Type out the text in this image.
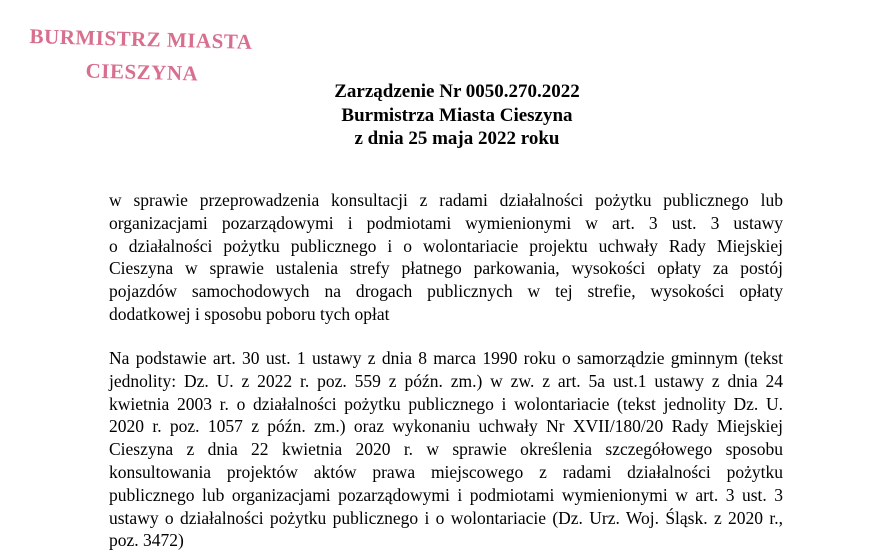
BURMISTRZ MIASTA
CIESZYNA
Zarządzenie Nr 0050.270.2022
Burmistrza Miasta Cieszyna
z dnia 25 maja 2022 roku
w sprawie przeprowadzenia konsultacji z radami działalności pożytku publicznego lub
organizacjami pozarządowymi i podmiotami wymienionymi w art. 3 ust. 3 ustawy
o działalności pożytku publicznego i o wolontariacie projektu uchwały Rady Miejskiej
Cieszyna w sprawie ustalenia strefy płatnego parkowania, wysokości opłaty za postój
pojazdów samochodowych na drogach publicznych w tej strefie, wysokości opłaty
dodatkowej i sposobu poboru tych opłat
Na podstawie art. 30 ust. 1 ustawy z dnia 8 marca 1990 roku o samorządzie gminnym (tekst
jednolity: Dz. U. z 2022 r. poz. 559 z późn. zm.) w zw. z art. 5a ust.1 ustawy z dnia 24
kwietnia 2003 r. o działalności pożytku publicznego i wolontariacie (tekst jednolity Dz. U.
2020 r. poz. 1057 z późn. zm.) oraz wykonaniu uchwały Nr XVII/180/20 Rady Miejskiej
Cieszyna z dnia 22 kwietnia 2020 r. w sprawie określenia szczegółowego sposobu
konsultowania projektów aktów prawa miejscowego z radami działalności pożytku
publicznego lub organizacjami pozarządowymi i podmiotami wymienionymi w art. 3 ust. 3
ustawy o działalności pożytku publicznego i o wolontariacie (Dz. Urz. Woj. Śląsk. z 2020 r.,
poz. 3472)
